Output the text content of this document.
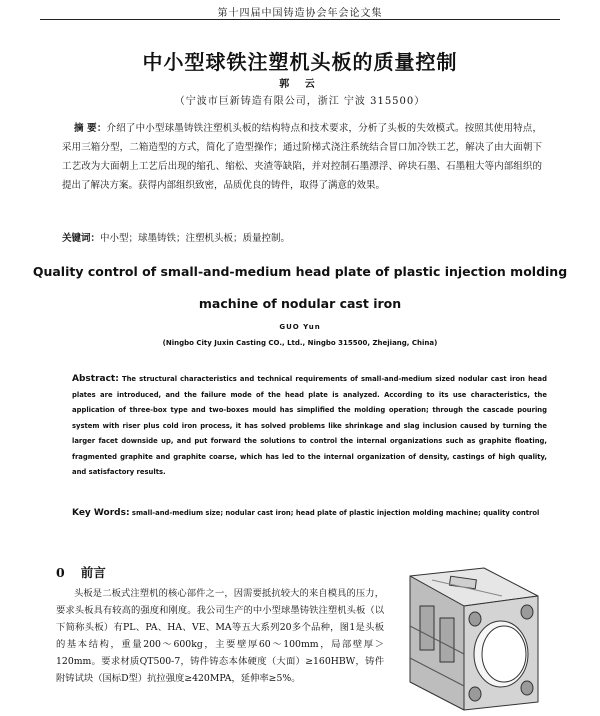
第十四届中国铸造协会年会论文集
中小型球铁注塑机头板的质量控制
郭 云
（宁波市巨新铸造有限公司，浙江 宁波 315500）
摘 要：介绍了中小型球墨铸铁注塑机头板的结构特点和技术要求，分析了头板的失效模式。按照其使用特点，采用三箱分型，二箱造型的方式，简化了造型操作；通过阶梯式浇注系统结合冒口加冷铁工艺，解决了由大面朝下工艺改为大面朝上工艺后出现的缩孔、缩松、夹渣等缺陷，并对控制石墨漂浮、碎块石墨、石墨粗大等内部组织的提出了解决方案。获得内部组织致密，品质优良的铸件，取得了满意的效果。
关键词：中小型；球墨铸铁；注塑机头板；质量控制。
Quality control of small-and-medium head plate of plastic injection molding
machine of nodular cast iron
GUO Yun
(Ningbo City Juxin Casting CO., Ltd., Ningbo 315500, Zhejiang, China)
Abstract: The structural characteristics and technical requirements of small-and-medium sized nodular cast iron head plates are introduced, and the failure mode of the head plate is analyzed. According to its use characteristics, the application of three-box type and two-boxes mould has simplified the molding operation; through the cascade pouring system with riser plus cold iron process, it has solved problems like shrinkage and slag inclusion caused by turning the larger facet downside up, and put forward the solutions to control the internal organizations such as graphite floating, fragmented graphite and graphite coarse, which has led to the internal organization of density, castings of high quality, and satisfactory results.
Key Words: small-and-medium size; nodular cast iron; head plate of plastic injection molding machine; quality control
0 前言
头板是二板式注塑机的核心部件之一，因需要抵抗较大的来自模具的压力，要求头板具有较高的强度和刚度。我公司生产的中小型球墨铸铁注塑机头板（以下简称头板）有PL、PA、HA、VE、MA等五大系列20多个品种，图1是头板的基本结构，重量200～600kg，主要壁厚60～100mm，局部壁厚＞120mm。要求材质QT500-7，铸件铸态本体硬度（大面）≥160HBW，铸件附铸试块（国标D型）抗拉强度≥420MPA，延伸率≥5%。
